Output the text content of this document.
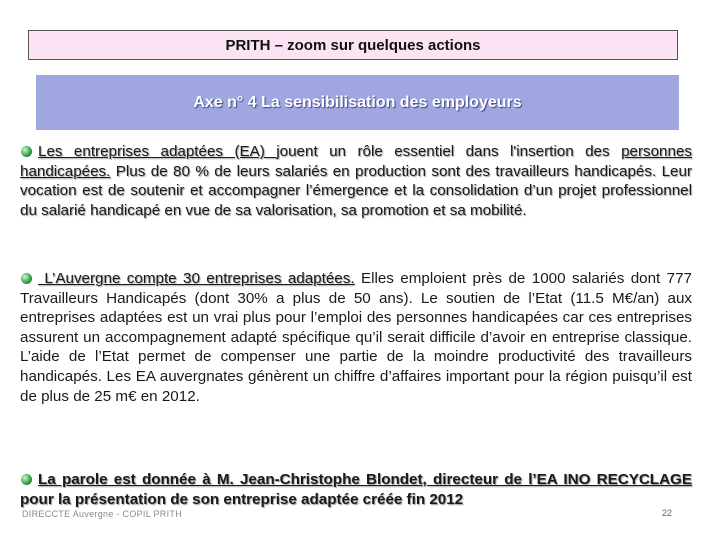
PRITH – zoom sur quelques actions
Axe n° 4 La sensibilisation des employeurs
Les entreprises adaptées (EA) jouent un rôle essentiel dans l'insertion des personnes handicapées. Plus de 80 % de leurs salariés en production sont des travailleurs handicapés. Leur vocation est de soutenir et accompagner l’émergence et la consolidation d’un projet professionnel du salarié handicapé en vue de sa valorisation, sa promotion et sa mobilité.
L’Auvergne compte 30 entreprises adaptées. Elles emploient près de 1000 salariés dont 777 Travailleurs Handicapés (dont 30% a plus de 50 ans). Le soutien de l’Etat (11.5 M€/an) aux entreprises adaptées est un vrai plus pour l’emploi des personnes handicapées car ces entreprises assurent un accompagnement adapté spécifique qu’il serait difficile d’avoir en entreprise classique. L’aide de l’Etat permet de compenser une partie de la moindre productivité des travailleurs handicapés. Les EA auvergnates génèrent un chiffre d’affaires important pour la région puisqu’il est de plus de 25 m€ en 2012.
La parole est donnée à M. Jean-Christophe Blondet, directeur de l’EA INO RECYCLAGE pour la présentation de son entreprise adaptée créée fin 2012
DIRECCTE Auvergne - COPIL PRITH	22
